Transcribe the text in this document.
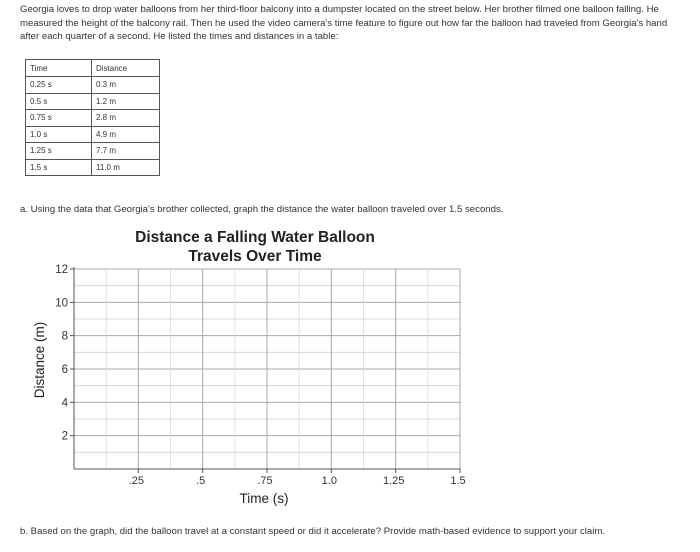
Georgia loves to drop water balloons from her third-floor balcony into a dumpster located on the street below. Her brother filmed one balloon falling. He measured the height of the balcony rail. Then he used the video camera's time feature to figure out how far the balloon had traveled from Georgia's hand after each quarter of a second. He listed the times and distances in a table:
Time	Distance
0.25 s	0.3 m
0.5 s	1.2 m
0.75 s	2.8 m
1.0 s	4.9 m
1.25 s	7.7 m
1.5 s	11.0 m
a. Using the data that Georgia's brother collected, graph the distance the water balloon traveled over 1.5 seconds.
Distance a Falling Water Balloon
Travels Over Time
2
4
6
8
10
12
.25	.5	.75	1.0	1.25	1.5
Time (s)
Distance (m)
b. Based on the graph, did the balloon travel at a constant speed or did it accelerate? Provide math-based evidence to support your claim.
